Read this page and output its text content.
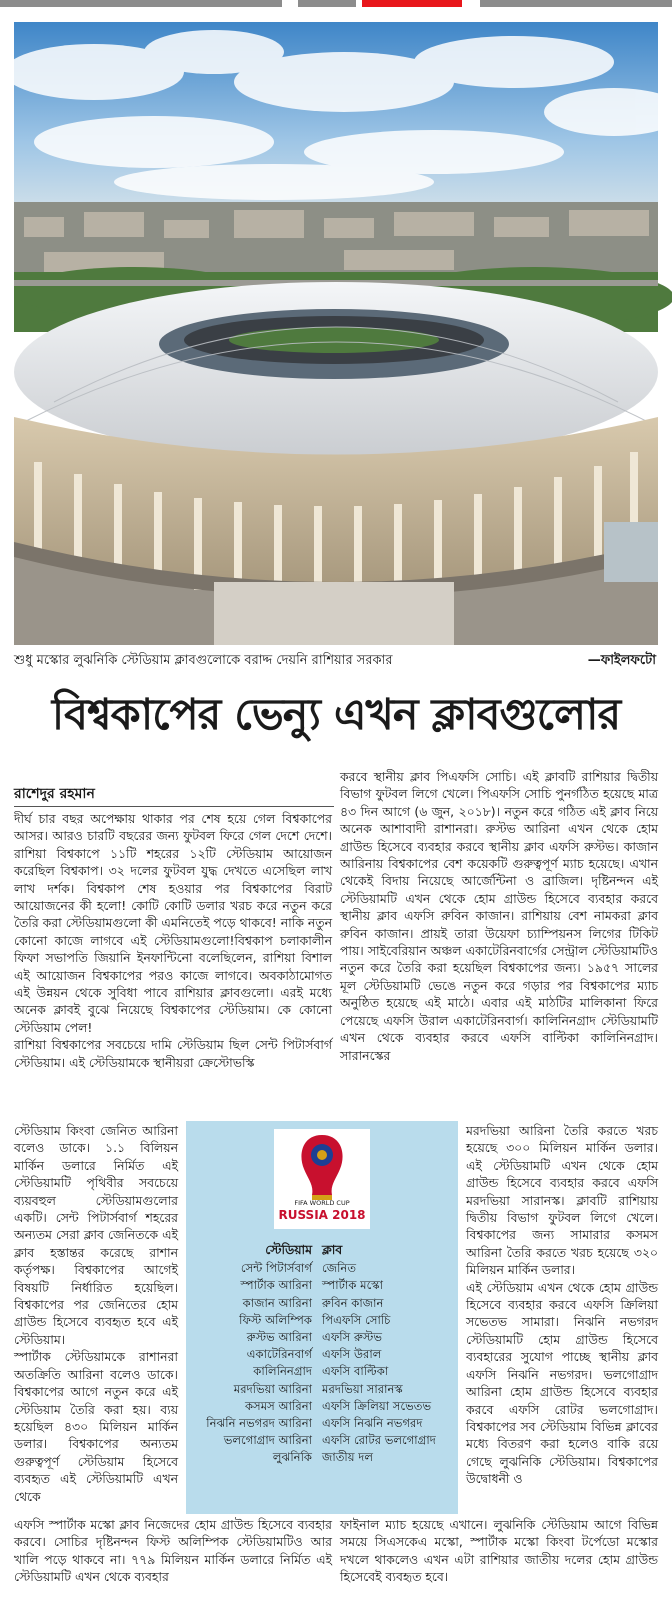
শুধু মস্কোর লুঝনিকি স্টেডিয়াম ক্লাবগুলোকে বরাদ্দ দেয়নি রাশিয়ার সরকার	—ফাইলফটো
বিশ্বকাপের ভেন্যু এখন ক্লাবগুলোর
রাশেদুর রহমান

দীর্ঘ চার বছর অপেক্ষায় থাকার পর শেষ হয়ে গেল বিশ্বকাপের আসর। আরও চারটি বছরের জন্য ফুটবল ফিরে গেল দেশে দেশে। রাশিয়া বিশ্বকাপে ১১টি শহরের ১২টি স্টেডিয়াম আয়োজন করেছিল বিশ্বকাপ। ৩২ দলের ফুটবল যুদ্ধ দেখতে এসেছিল লাখ লাখ দর্শক। বিশ্বকাপ শেষ হওয়ার পর বিশ্বকাপের বিরাট আয়োজনের কী হলো! কোটি কোটি ডলার খরচ করে নতুন করে তৈরি করা স্টেডিয়ামগুলো কী এমনিতেই পড়ে থাকবে! নাকি নতুন কোনো কাজে লাগবে এই স্টেডিয়ামগুলো!বিশ্বকাপ চলাকালীন ফিফা সভাপতি জিয়ানি ইনফান্টিনো বলেছিলেন, রাশিয়া বিশাল এই আয়োজন বিশ্বকাপের পরও কাজে লাগবে। অবকাঠামোগত এই উন্নয়ন থেকে সুবিধা পাবে রাশিয়ার ক্লাবগুলো। এরই মধ্যে অনেক ক্লাবই বুঝে নিয়েছে বিশ্বকাপের স্টেডিয়াম। কে কোনো স্টেডিয়াম পেল!

রাশিয়া বিশ্বকাপের সবচেয়ে দামি স্টেডিয়াম ছিল সেন্ট পিটার্সবার্গ স্টেডিয়াম। এই স্টেডিয়ামকে স্থানীয়রা ক্রেস্টোভস্কি

স্টেডিয়াম কিংবা জেনিত আরিনা বলেও ডাকে। ১.১ বিলিয়ন মার্কিন ডলারে নির্মিত এই স্টেডিয়ামটি পৃথিবীর সবচেয়ে ব্যয়বহুল স্টেডিয়ামগুলোর একটি। সেন্ট পিটার্সবার্গ শহরের অন্যতম সেরা ক্লাব জেনিতকে এই ক্লাব হস্তান্তর করেছে রাশান কর্তৃপক্ষ। বিশ্বকাপের আগেই বিষয়টি নির্ধারিত হয়েছিল। বিশ্বকাপের পর জেনিতের হোম গ্রাউন্ড হিসেবে ব্যবহৃত হবে এই স্টেডিয়াম।

স্পার্টাক স্টেডিয়ামকে রাশানরা অতক্রিতি আরিনা বলেও ডাকে। বিশ্বকাপের আগে নতুন করে এই স্টেডিয়াম তৈরি করা হয়। ব্যয় হয়েছিল ৪৩০ মিলিয়ন মার্কিন ডলার। বিশ্বকাপের অন্যতম গুরুত্বপূর্ণ স্টেডিয়াম হিসেবে ব্যবহৃত এই স্টেডিয়ামটি এখন থেকে

করবে স্থানীয় ক্লাব পিএফসি সোচি। এই ক্লাবটি রাশিয়ার দ্বিতীয় বিভাগ ফুটবল লিগে খেলে। পিএফসি সোচি পুনর্গঠিত হয়েছে মাত্র ৪৩ দিন আগে (৬ জুন, ২০১৮)। নতুন করে গঠিত এই ক্লাব নিয়ে অনেক আশাবাদী রাশানরা। রুস্টভ আরিনা এখন থেকে হোম গ্রাউন্ড হিসেবে ব্যবহার করবে স্থানীয় ক্লাব এফসি রুস্টভ। কাজান আরিনায় বিশ্বকাপের বেশ কয়েকটি গুরুত্বপূর্ণ ম্যাচ হয়েছে। এখান থেকেই বিদায় নিয়েছে আর্জেন্টিনা ও ব্রাজিল। দৃষ্টিনন্দন এই স্টেডিয়ামটি এখন থেকে হোম গ্রাউন্ড হিসেবে ব্যবহার করবে স্থানীয় ক্লাব এফসি রুবিন কাজান। রাশিয়ায় বেশ নামকরা ক্লাব রুবিন কাজান। প্রায়ই তারা উয়েফা চ্যাম্পিয়নস লিগের টিকিট পায়। সাইবেরিয়ান অঞ্চল একাটেরিনবার্গের সেন্ট্রাল স্টেডিয়ামটিও নতুন করে তৈরি করা হয়েছিল বিশ্বকাপের জন্য। ১৯৫৭ সালের মূল স্টেডিয়ামটি ভেঙে নতুন করে গড়ার পর বিশ্বকাপের ম্যাচ অনুষ্ঠিত হয়েছে এই মাঠে। এবার এই মাঠটির মালিকানা ফিরে পেয়েছে এফসি উরাল একাটেরিনবার্গ। কালিনিনগ্রাদ স্টেডিয়ামটি এখন থেকে ব্যবহার করবে এফসি বাল্টিকা কালিনিনগ্রাদ। সারানস্কের

মরদভিয়া আরিনা তৈরি করতে খরচ হয়েছে ৩০০ মিলিয়ন মার্কিন ডলার। এই স্টেডিয়ামটি এখন থেকে হোম গ্রাউন্ড হিসেবে ব্যবহার করবে এফসি মরদভিয়া সারানস্ক। ক্লাবটি রাশিয়ায় দ্বিতীয় বিভাগ ফুটবল লিগে খেলে। বিশ্বকাপের জন্য সামারার কসমস আরিনা তৈরি করতে খরচ হয়েছে ৩২০ মিলিয়ন মার্কিন ডলার।

এই স্টেডিয়াম এখন থেকে হোম গ্রাউন্ড হিসেবে ব্যবহার করবে এফসি ক্রিলিয়া সভেতভ সামারা। নিঝনি নভগরদ স্টেডিয়ামটি হোম গ্রাউন্ড হিসেবে ব্যবহারের সুযোগ পাচ্ছে স্থানীয় ক্লাব এফসি নিঝনি নভগরদ। ভলগোগ্রাদ আরিনা হোম গ্রাউন্ড হিসেবে ব্যবহার করবে এফসি রোটর ভলগোগ্রাদ। বিশ্বকাপের সব স্টেডিয়াম বিভিন্ন ক্লাবের মধ্যে বিতরণ করা হলেও বাকি রয়ে গেছে লুঝনিকি স্টেডিয়াম। বিশ্বকাপের উদ্বোধনী ও

এফসি স্পার্টাক মস্কো ক্লাব নিজেদের হোম গ্রাউন্ড হিসেবে ব্যবহার করবে। সোচির দৃষ্টিনন্দন ফিস্ট অলিম্পিক স্টেডিয়ামটিও আর খালি পড়ে থাকবে না। ৭৭৯ মিলিয়ন মার্কিন ডলারে নির্মিত এই স্টেডিয়ামটি এখন থেকে ব্যবহার

ফাইনাল ম্যাচ হয়েছে এখানে। লুঝনিকি স্টেডিয়াম আগে বিভিন্ন সময়ে সিএসকেএ মস্কো, স্পার্টাক মস্কো কিংবা টর্পেডো মস্কোর দখলে থাকলেও এখন এটা রাশিয়ার জাতীয় দলের হোম গ্রাউন্ড হিসেবেই ব্যবহৃত হবে।

FIFA WORLD CUP
RUSSIA 2018
স্টেডিয়াম	ক্লাব
সেন্ট পিটার্সবার্গ	জেনিত
স্পার্টাক আরিনা	স্পার্টাক মস্কো
কাজান আরিনা	রুবিন কাজান
ফিস্ট অলিম্পিক	পিএফসি সোচি
রুস্টভ আরিনা	এফসি রুস্টভ
একাটেরিনবার্গ	এফসি উরাল
কালিনিনগ্রাদ	এফসি বাল্টিকা
মরদভিয়া আরিনা	মরদভিয়া সারানস্ক
কসমস আরিনা	এফসি ক্রিলিয়া সভেতভ
নিঝনি নভগরদ আরিনা	এফসি নিঝনি নভগরদ
ভলগোগ্রাদ আরিনা	এফসি রোটর ভলগোগ্রাদ
লুঝনিকি	জাতীয় দল
